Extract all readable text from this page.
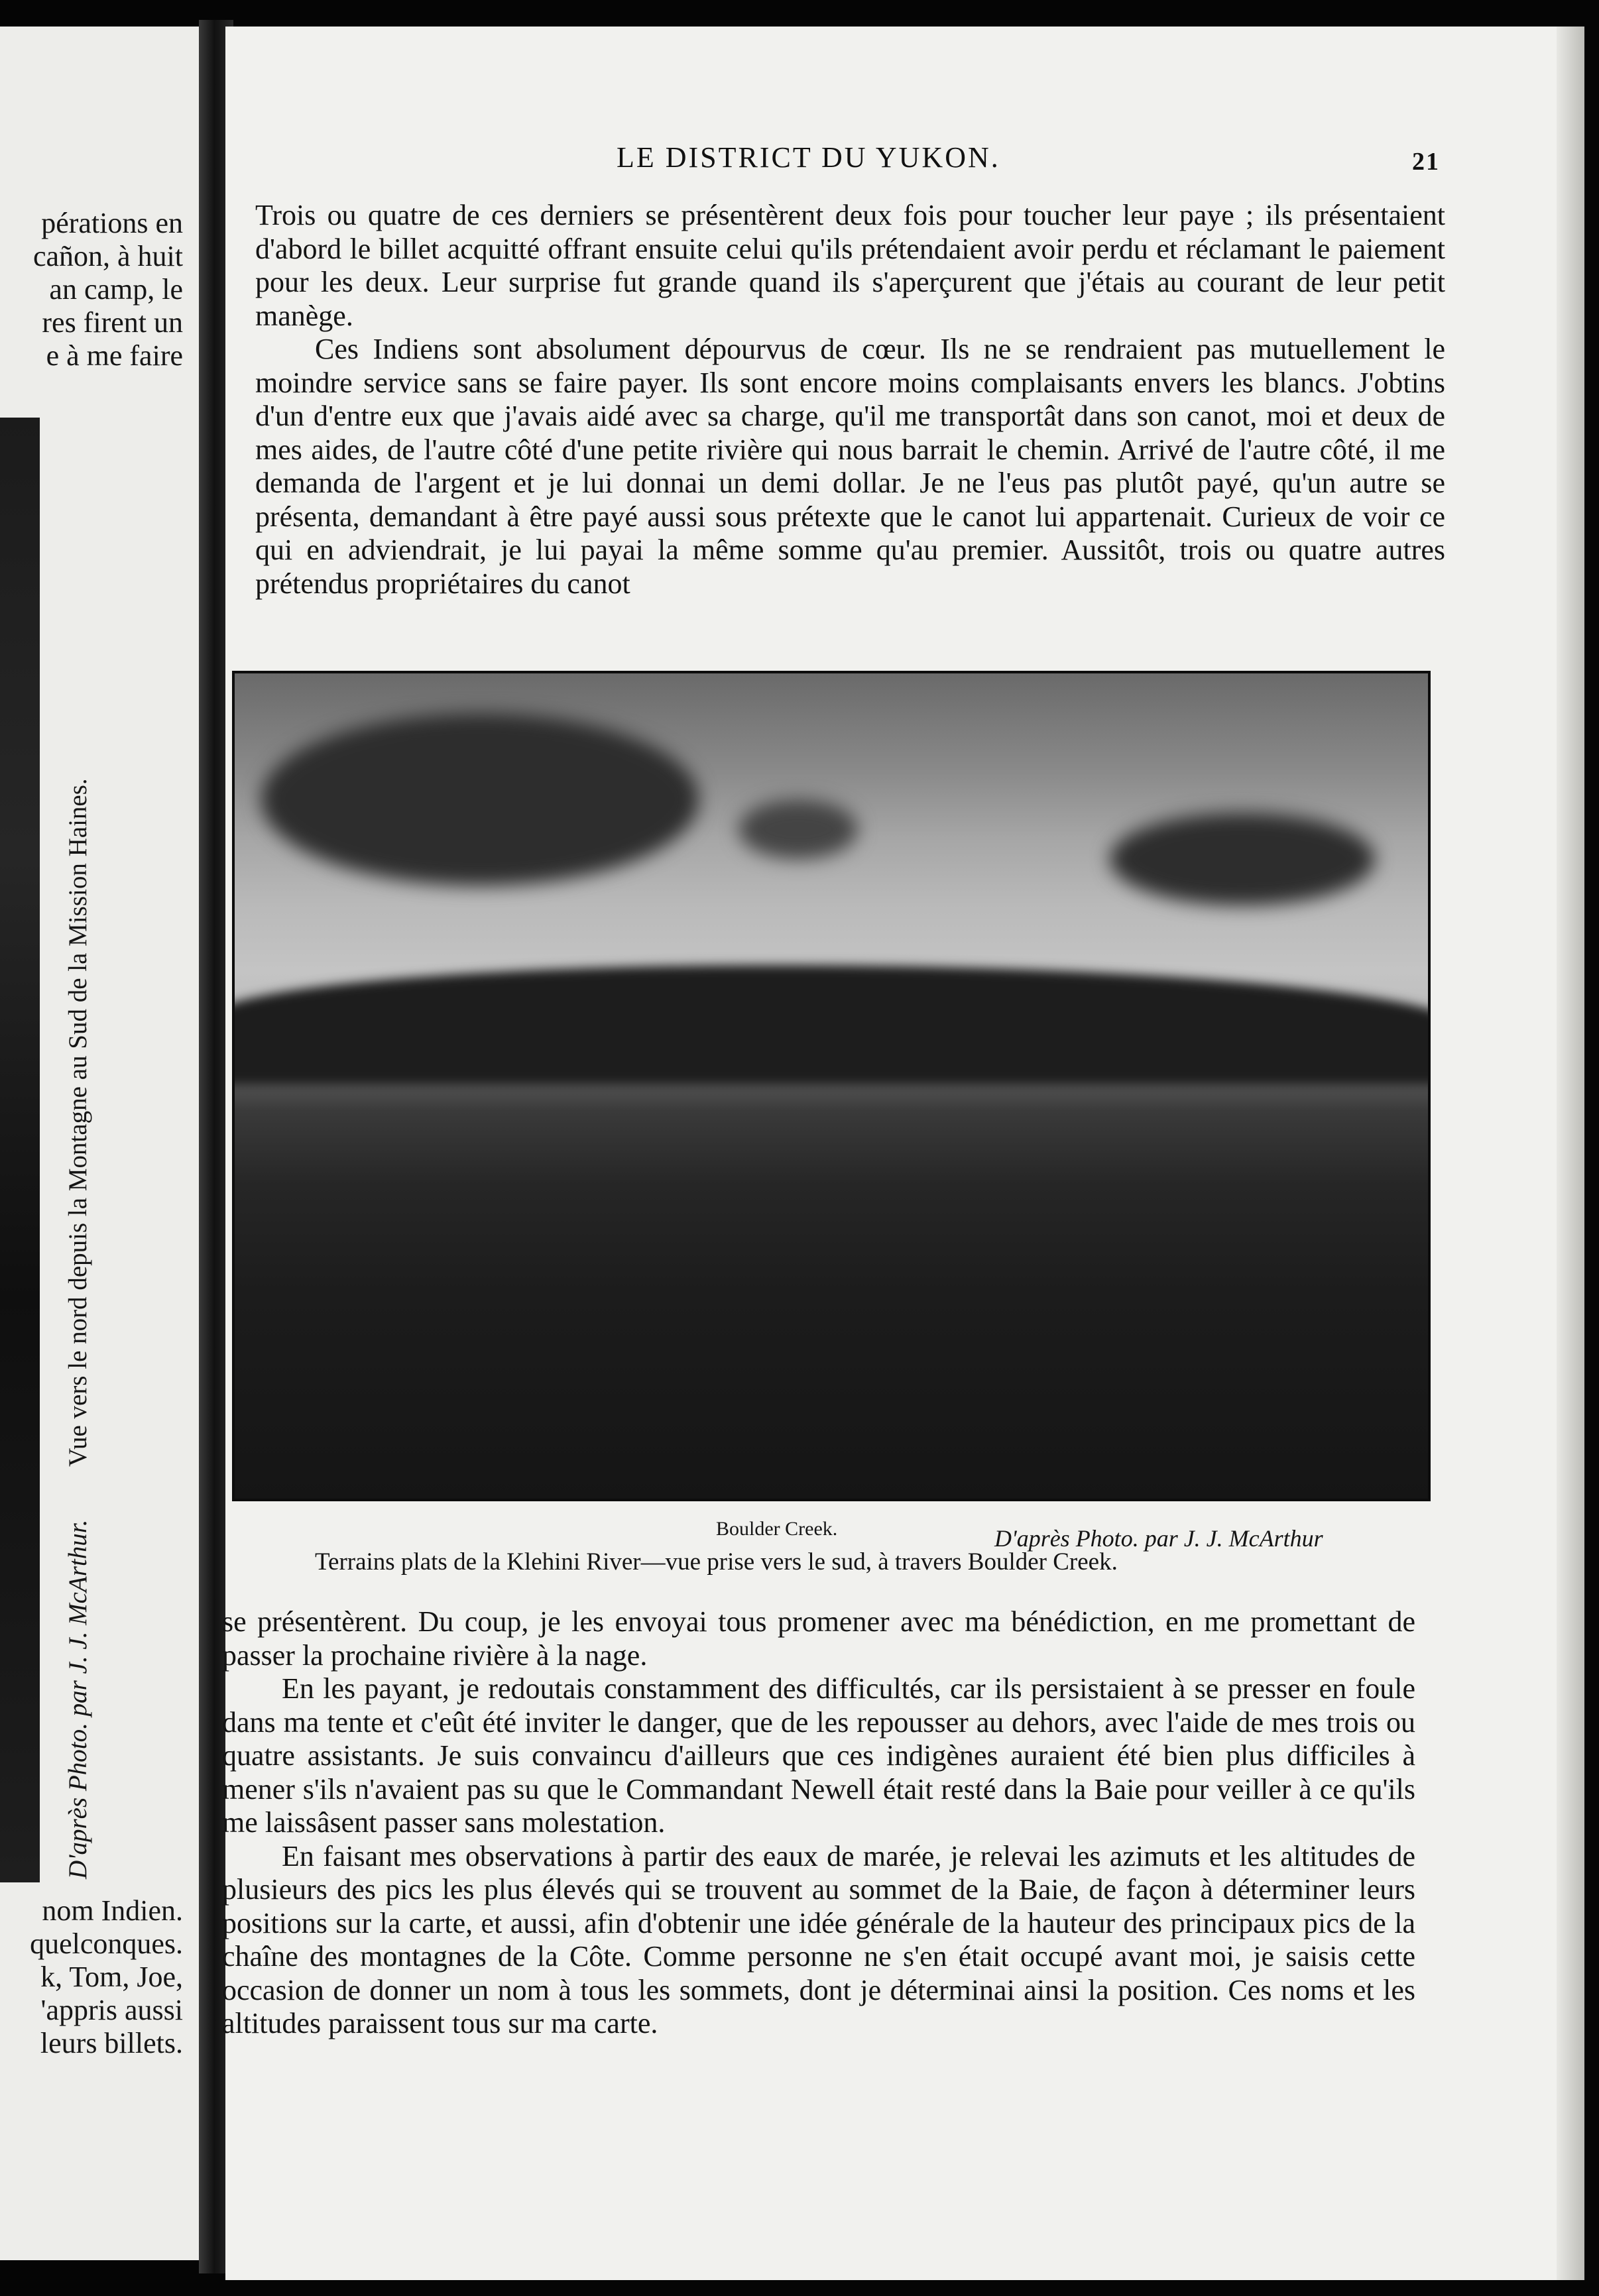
pérations en
cañon, à huit
an camp, le
res firent un
e à me faire
nom Indien.
quelconques.
k, Tom, Joe,
'appris aussi
leurs billets.
D'après Photo. par J. J. McArthur. Vue vers le nord depuis la Montagne au Sud de la Mission Haines.
LE DISTRICT DU YUKON.	21

Trois ou quatre de ces derniers se présentèrent deux fois pour toucher leur paye ; ils présentaient d'abord le billet acquitté offrant ensuite celui qu'ils prétendaient avoir perdu et réclamant le paiement pour les deux. Leur surprise fut grande quand ils s'aperçurent que j'étais au courant de leur petit manège.

Ces Indiens sont absolument dépourvus de cœur. Ils ne se rendraient pas mutuellement le moindre service sans se faire payer. Ils sont encore moins complaisants envers les blancs. J'obtins d'un d'entre eux que j'avais aidé avec sa charge, qu'il me transportât dans son canot, moi et deux de mes aides, de l'autre côté d'une petite rivière qui nous barrait le chemin. Arrivé de l'autre côté, il me demanda de l'argent et je lui donnai un demi dollar. Je ne l'eus pas plutôt payé, qu'un autre se présenta, demandant à être payé aussi sous prétexte que le canot lui appartenait. Curieux de voir ce qui en adviendrait, je lui payai la même somme qu'au premier. Aussitôt, trois ou quatre autres prétendus propriétaires du canot

Boulder Creek.	D'après Photo. par J. J. McArthur
Terrains plats de la Klehini River—vue prise vers le sud, à travers Boulder Creek.

se présentèrent. Du coup, je les envoyai tous promener avec ma bénédiction, en me promettant de passer la prochaine rivière à la nage.

En les payant, je redoutais constamment des difficultés, car ils persistaient à se presser en foule dans ma tente et c'eût été inviter le danger, que de les repousser au dehors, avec l'aide de mes trois ou quatre assistants. Je suis convaincu d'ailleurs que ces indigènes auraient été bien plus difficiles à mener s'ils n'avaient pas su que le Commandant Newell était resté dans la Baie pour veiller à ce qu'ils me laissâsent passer sans molestation.

En faisant mes observations à partir des eaux de marée, je relevai les azimuts et les altitudes de plusieurs des pics les plus élevés qui se trouvent au sommet de la Baie, de façon à déterminer leurs positions sur la carte, et aussi, afin d'obtenir une idée générale de la hauteur des principaux pics de la chaîne des montagnes de la Côte. Comme personne ne s'en était occupé avant moi, je saisis cette occasion de donner un nom à tous les sommets, dont je déterminai ainsi la position. Ces noms et les altitudes paraissent tous sur ma carte.
